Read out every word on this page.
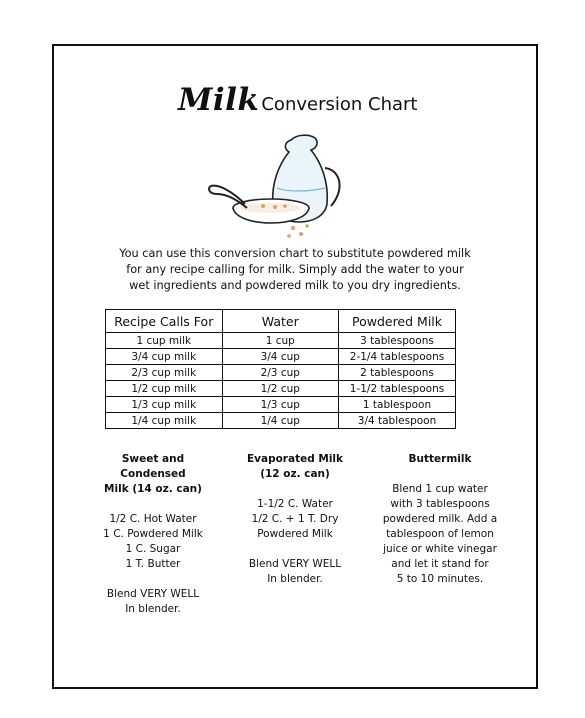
Milk Conversion Chart

You can use this conversion chart to substitute powdered milk

for any recipe calling for milk. Simply add the water to your

wet ingredients and powdered milk to you dry ingredients.

Recipe Calls For	Water	Powdered Milk
1 cup milk	1 cup	3 tablespoons
3/4 cup milk	3/4 cup	2-1/4 tablespoons
2/3 cup milk	2/3 cup	2 tablespoons
1/2 cup milk	1/2 cup	1-1/2 tablespoons
1/3 cup milk	1/3 cup	1 tablespoon
1/4 cup milk	1/4 cup	3/4 tablespoon

Sweet and Condensed

Milk (14 oz. can)

1/2 C. Hot Water

1 C. Powdered Milk

1 C. Sugar

1 T. Butter

Blend VERY WELL

In blender.

Evaporated Milk

(12 oz. can)

1-1/2 C. Water

1/2 C. + 1 T. Dry

Powdered Milk

Blend VERY WELL

In blender.

Buttermilk

Blend 1 cup water

with 3 tablespoons

powdered milk. Add a

tablespoon of lemon

juice or white vinegar

and let it stand for

5 to 10 minutes.
